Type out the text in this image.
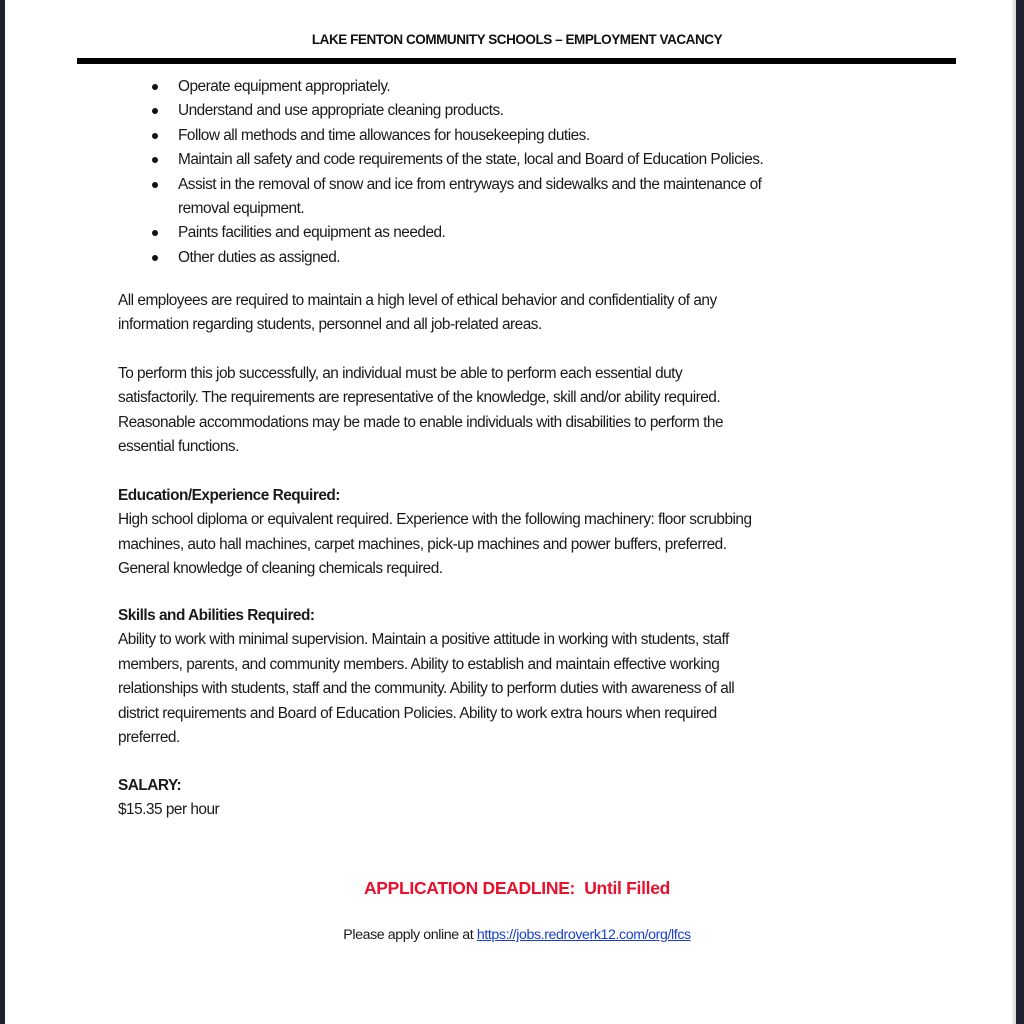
LAKE FENTON COMMUNITY SCHOOLS – EMPLOYMENT VACANCY
Operate equipment appropriately.
Understand and use appropriate cleaning products.
Follow all methods and time allowances for housekeeping duties.
Maintain all safety and code requirements of the state, local and Board of Education Policies.
Assist in the removal of snow and ice from entryways and sidewalks and the maintenance of
removal equipment.
Paints facilities and equipment as needed.
Other duties as assigned.
All employees are required to maintain a high level of ethical behavior and confidentiality of any
information regarding students, personnel and all job-related areas.
To perform this job successfully, an individual must be able to perform each essential duty
satisfactorily. The requirements are representative of the knowledge, skill and/or ability required.
Reasonable accommodations may be made to enable individuals with disabilities to perform the
essential functions.
Education/Experience Required:
High school diploma or equivalent required. Experience with the following machinery: floor scrubbing
machines, auto hall machines, carpet machines, pick-up machines and power buffers, preferred.
General knowledge of cleaning chemicals required.
Skills and Abilities Required:
Ability to work with minimal supervision. Maintain a positive attitude in working with students, staff
members, parents, and community members. Ability to establish and maintain effective working
relationships with students, staff and the community. Ability to perform duties with awareness of all
district requirements and Board of Education Policies. Ability to work extra hours when required
preferred.
SALARY:
$15.35 per hour
APPLICATION DEADLINE:  Until Filled
Please apply online at https://jobs.redroverk12.com/org/lfcs
